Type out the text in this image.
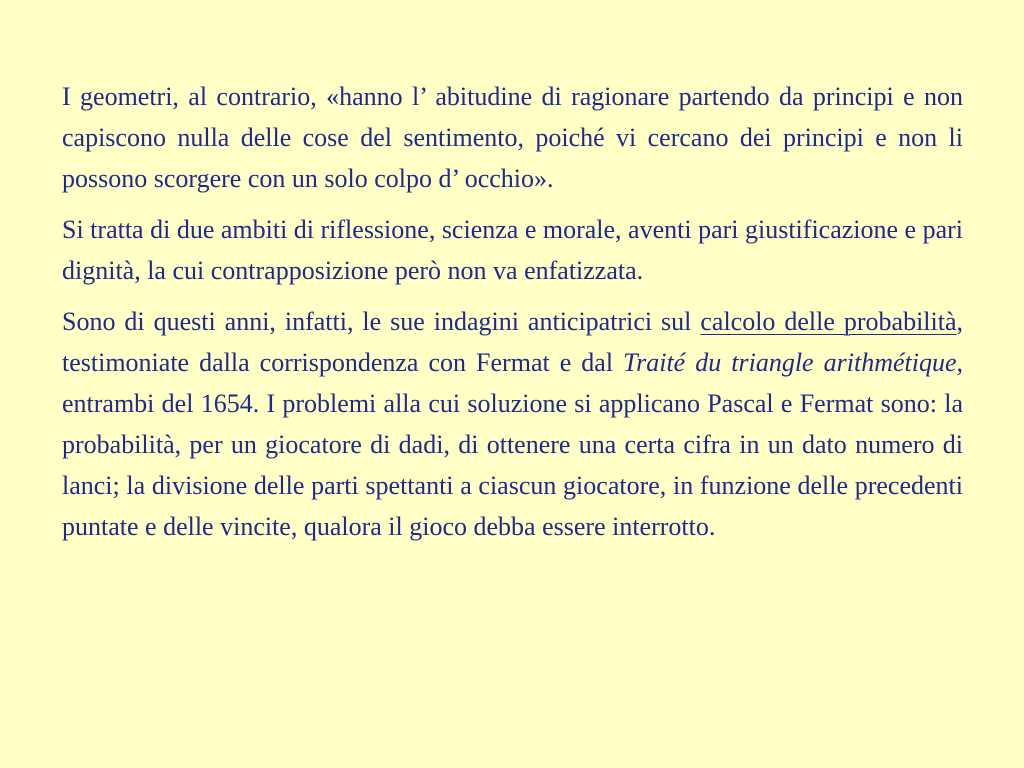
I geometri, al contrario, «hanno l’ abitudine di ragionare partendo da principi e non capiscono nulla delle cose del sentimento, poiché vi cercano dei principi e non li possono scorgere con un solo colpo d’ occhio».

Si tratta di due ambiti di riflessione, scienza e morale, aventi pari giustificazione e pari dignità, la cui contrapposizione però non va enfatizzata.

Sono di questi anni, infatti, le sue indagini anticipatrici sul calcolo delle probabilità, testimoniate dalla corrispondenza con Fermat e dal Traité du triangle arithmétique, entrambi del 1654. I problemi alla cui soluzione si applicano Pascal e Fermat sono: la probabilità, per un giocatore di dadi, di ottenere una certa cifra in un dato numero di lanci; la divisione delle parti spettanti a ciascun giocatore, in funzione delle precedenti puntate e delle vincite, qualora il gioco debba essere interrotto.
